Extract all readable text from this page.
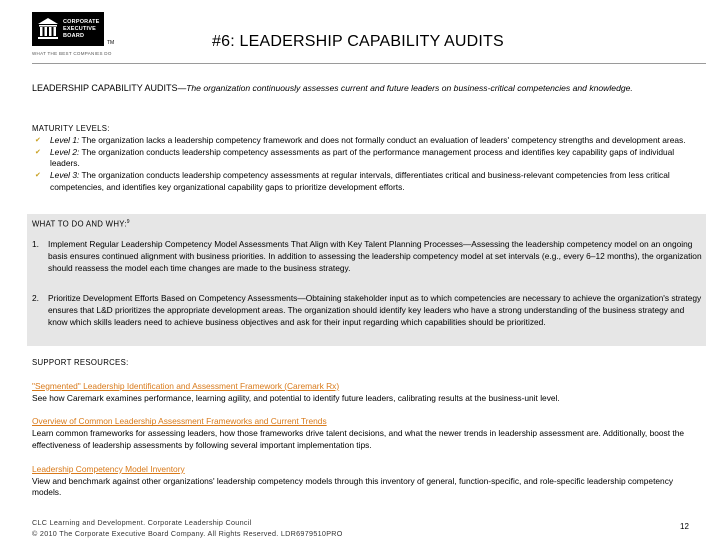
CORPORATE
EXECUTIVE
BOARD
TM
WHAT THE BEST COMPANIES DO
#6: LEADERSHIP CAPABILITY AUDITS
LEADERSHIP CAPABILITY AUDITS—The organization continuously assesses current and future leaders on business-critical competencies and knowledge.
MATURITY LEVELS:
✔ Level 1: The organization lacks a leadership competency framework and does not formally conduct an evaluation of leaders' competency strengths and development areas.
✔ Level 2: The organization conducts leadership competency assessments as part of the performance management process and identifies key capability gaps of individual leaders.
✔ Level 3: The organization conducts leadership competency assessments at regular intervals, differentiates critical and business-relevant competencies from less critical competencies, and identifies key organizational capability gaps to prioritize development efforts.
WHAT TO DO AND WHY:$^9$
1.	Implement Regular Leadership Competency Model Assessments That Align with Key Talent Planning Processes—Assessing the leadership competency model on an ongoing basis ensures continued alignment with business priorities. In addition to assessing the leadership competency model at set intervals (e.g., every 6–12 months), the organization should reassess the model each time changes are made to the business strategy.
2.	Prioritize Development Efforts Based on Competency Assessments—Obtaining stakeholder input as to which competencies are necessary to achieve the organization's strategy ensures that L&D prioritizes the appropriate development areas. The organization should identify key leaders who have a strong understanding of the business strategy and know which skills leaders need to achieve business objectives and ask for their input regarding which capabilities should be prioritized.
SUPPORT RESOURCES:
"Segmented" Leadership Identification and Assessment Framework (Caremark Rx)
See how Caremark examines performance, learning agility, and potential to identify future leaders, calibrating results at the business-unit level.
Overview of Common Leadership Assessment Frameworks and Current Trends
Learn common frameworks for assessing leaders, how those frameworks drive talent decisions, and what the newer trends in leadership assessment are. Additionally, boost the effectiveness of leadership assessments by following several important implementation tips.
Leadership Competency Model Inventory
View and benchmark against other organizations' leadership competency models through this inventory of general, function-specific, and role-specific leadership competency models.
CLC Learning and Development. Corporate Leadership Council
© 2010 The Corporate Executive Board Company. All Rights Reserved. LDR6979510PRO
12
